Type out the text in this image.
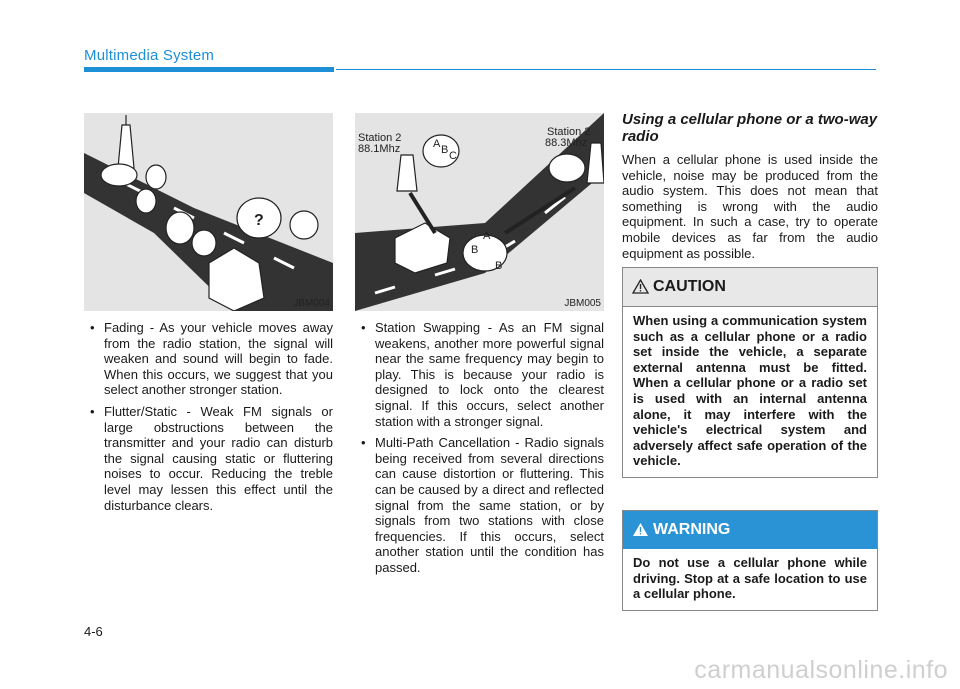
Multimedia System
?
JBM004
Station 2
88.1Mhz
Station 2
88.3Mhz
A B C
A
B
B
JBM005
• Fading - As your vehicle moves away from the radio station, the signal will weaken and sound will begin to fade. When this occurs, we suggest that you select another stronger station.
• Flutter/Static - Weak FM signals or large obstructions between the transmitter and your radio can disturb the signal causing static or fluttering noises to occur. Reducing the treble level may lessen this effect until the disturbance clears.
• Station Swapping - As an FM signal weakens, another more powerful signal near the same frequency may begin to play. This is because your radio is designed to lock onto the clearest signal. If this occurs, select another station with a stronger signal.
• Multi-Path Cancellation - Radio signals being received from several directions can cause distortion or fluttering. This can be caused by a direct and reflected signal from the same station, or by signals from two stations with close frequencies. If this occurs, select another station until the condition has passed.
Using a cellular phone or a two-way radio
When a cellular phone is used inside the vehicle, noise may be produced from the audio system. This does not mean that something is wrong with the audio equipment. In such a case, try to operate mobile devices as far from the audio equipment as possible.
CAUTION
When using a communication system such as a cellular phone or a radio set inside the vehicle, a separate external antenna must be fitted. When a cellular phone or a radio set is used with an internal antenna alone, it may interfere with the vehicle's electrical system and adversely affect safe operation of the vehicle.
WARNING
Do not use a cellular phone while driving. Stop at a safe location to use a cellular phone.
4-6
carmanualsonline.info
